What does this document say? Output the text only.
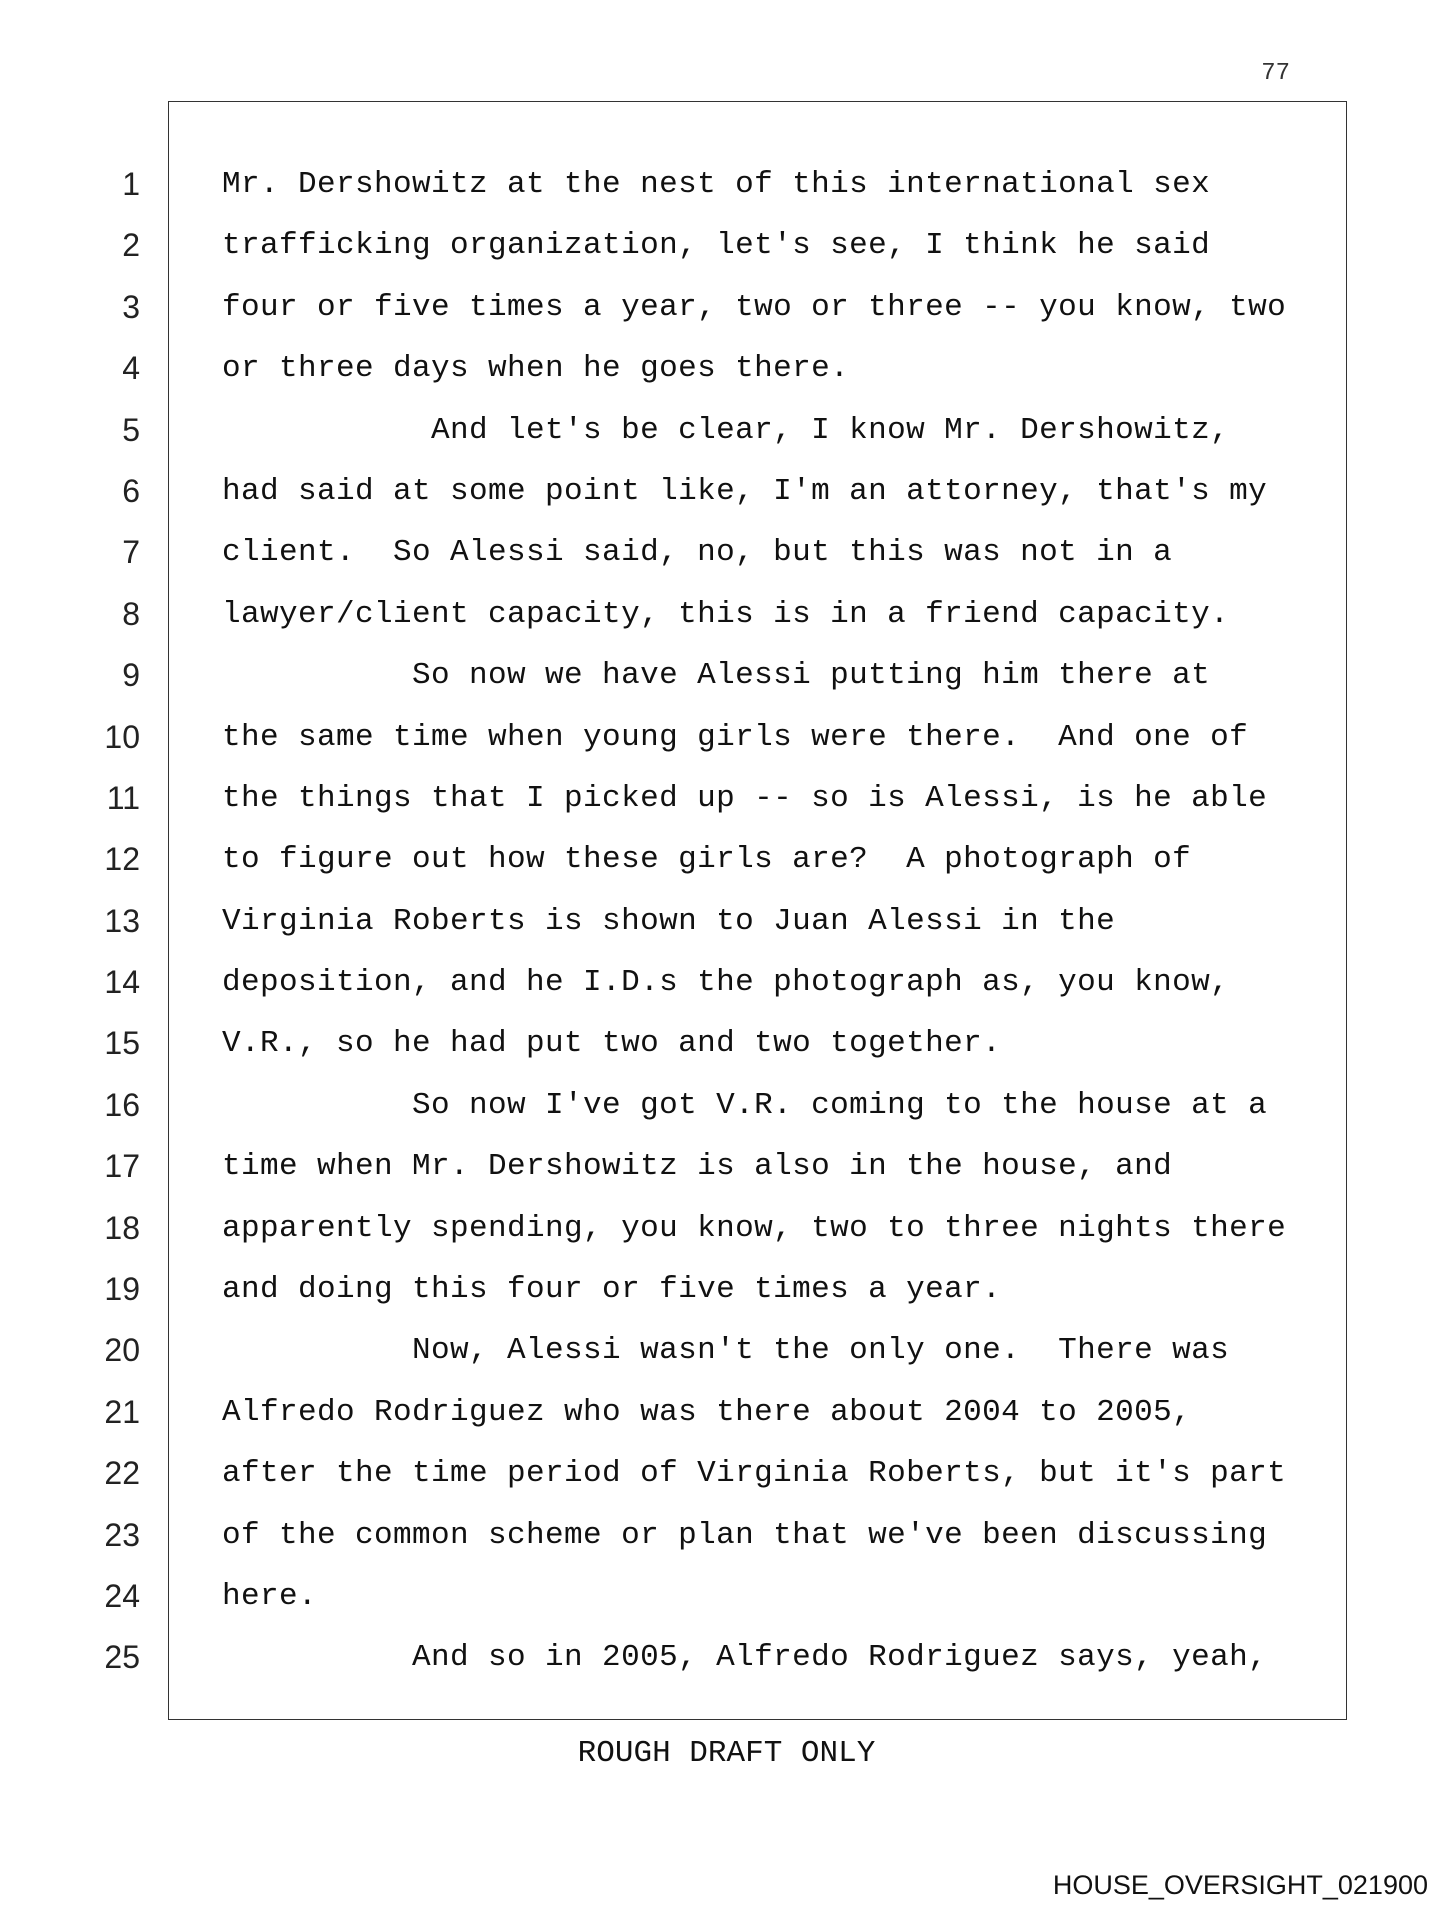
77
1
2
3
4
5
6
7
8
9
10
11
12
13
14
15
16
17
18
19
20
21
22
23
24
25
Mr. Dershowitz at the nest of this international sex
trafficking organization, let's see, I think he said
four or five times a year, two or three -- you know, two
or three days when he goes there.
And let's be clear, I know Mr. Dershowitz,
had said at some point like, I'm an attorney, that's my
client.  So Alessi said, no, but this was not in a
lawyer/client capacity, this is in a friend capacity.
So now we have Alessi putting him there at
the same time when young girls were there.  And one of
the things that I picked up -- so is Alessi, is he able
to figure out how these girls are?  A photograph of
Virginia Roberts is shown to Juan Alessi in the
deposition, and he I.D.s the photograph as, you know,
V.R., so he had put two and two together.
So now I've got V.R. coming to the house at a
time when Mr. Dershowitz is also in the house, and
apparently spending, you know, two to three nights there
and doing this four or five times a year.
Now, Alessi wasn't the only one.  There was
Alfredo Rodriguez who was there about 2004 to 2005,
after the time period of Virginia Roberts, but it's part
of the common scheme or plan that we've been discussing
here.
And so in 2005, Alfredo Rodriguez says, yeah,
ROUGH DRAFT ONLY
HOUSE_OVERSIGHT_021900
